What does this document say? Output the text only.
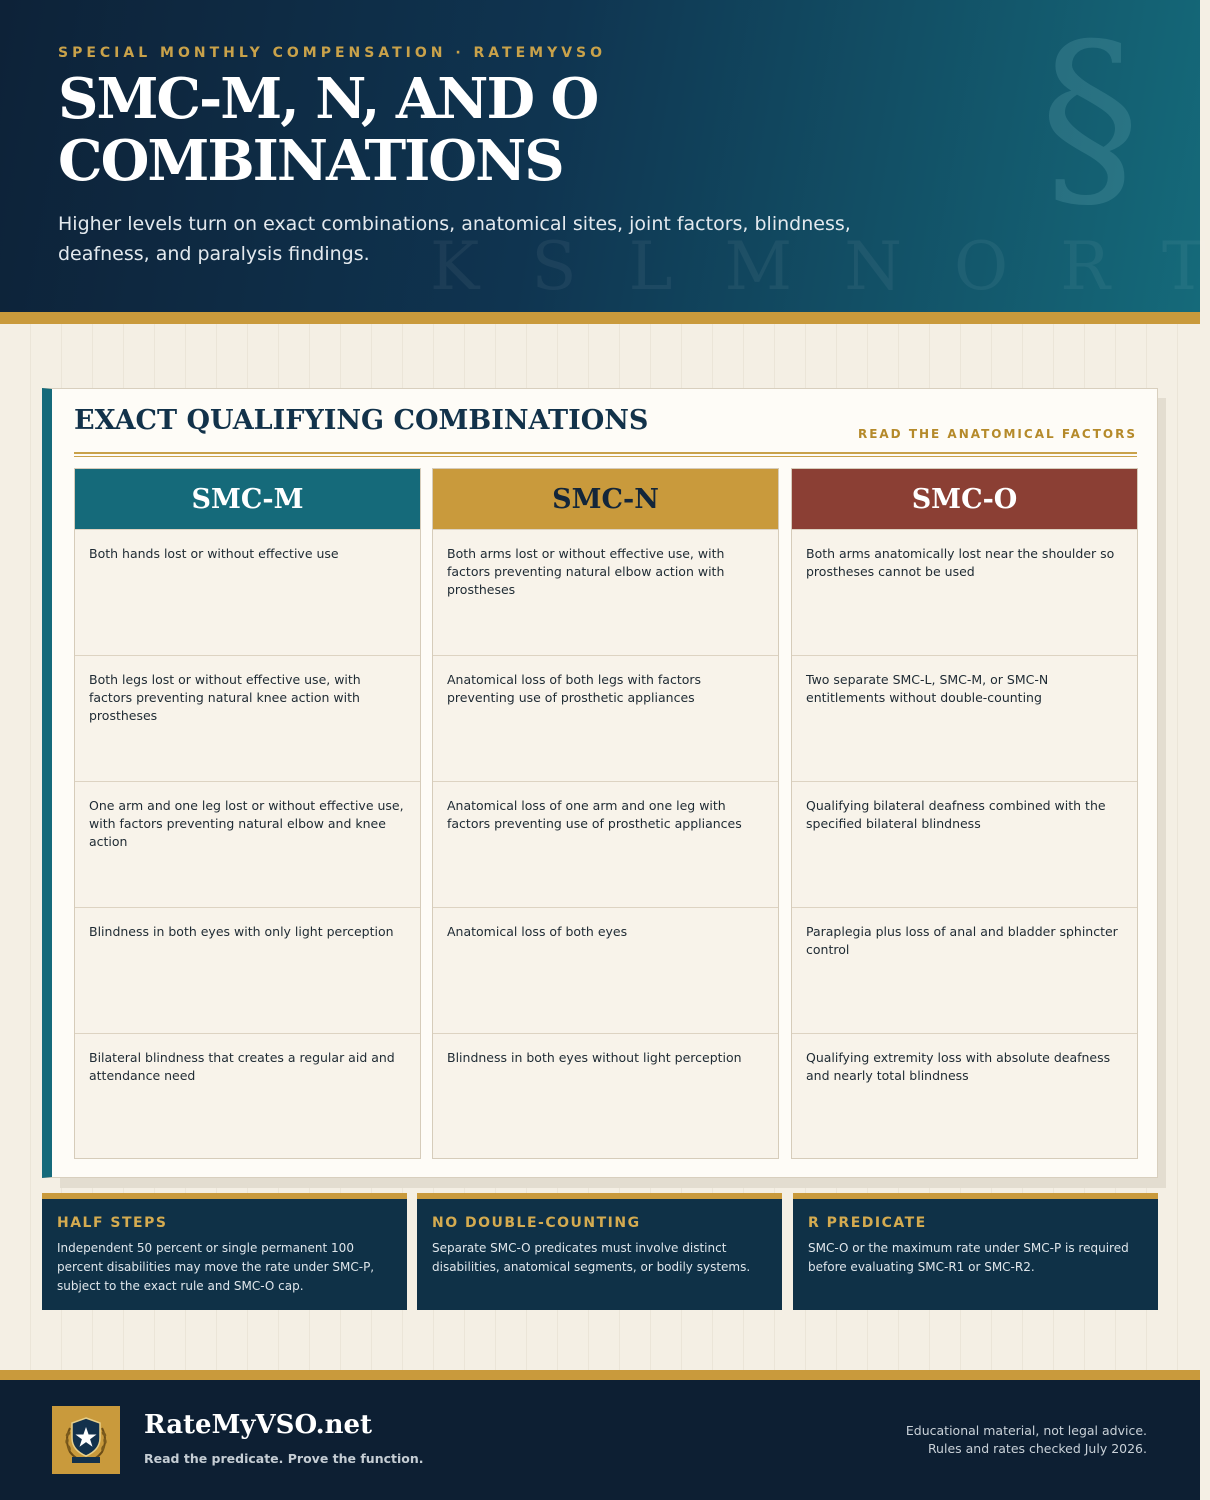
K S L M N O R T
§
SPECIAL MONTHLY COMPENSATION · RATEMYVSO
SMC-M, N, AND O
COMBINATIONS

Higher levels turn on exact combinations, anatomical sites, joint factors, blindness, deafness, and paralysis findings.

EXACT QUALIFYING COMBINATIONS	READ THE ANATOMICAL FACTORS
SMC-M
Both hands lost or without effective use
Both legs lost or without effective use, with factors preventing natural knee action with prostheses
One arm and one leg lost or without effective use, with factors preventing natural elbow and knee action
Blindness in both eyes with only light perception
Bilateral blindness that creates a regular aid and attendance need
SMC-N
Both arms lost or without effective use, with factors preventing natural elbow action with prostheses
Anatomical loss of both legs with factors preventing use of prosthetic appliances
Anatomical loss of one arm and one leg with factors preventing use of prosthetic appliances
Anatomical loss of both eyes
Blindness in both eyes without light perception
SMC-O
Both arms anatomically lost near the shoulder so prostheses cannot be used
Two separate SMC-L, SMC-M, or SMC-N entitlements without double-counting
Qualifying bilateral deafness combined with the specified bilateral blindness
Paraplegia plus loss of anal and bladder sphincter control
Qualifying extremity loss with absolute deafness and nearly total blindness
HALF STEPS
Independent 50 percent or single permanent 100 percent disabilities may move the rate under SMC-P, subject to the exact rule and SMC-O cap.
NO DOUBLE-COUNTING
Separate SMC-O predicates must involve distinct disabilities, anatomical segments, or bodily systems.
R PREDICATE
SMC-O or the maximum rate under SMC-P is required before evaluating SMC-R1 or SMC-R2.
RateMyVSO.net
Read the predicate. Prove the function.
Educational material, not legal advice.
Rules and rates checked July 2026.
